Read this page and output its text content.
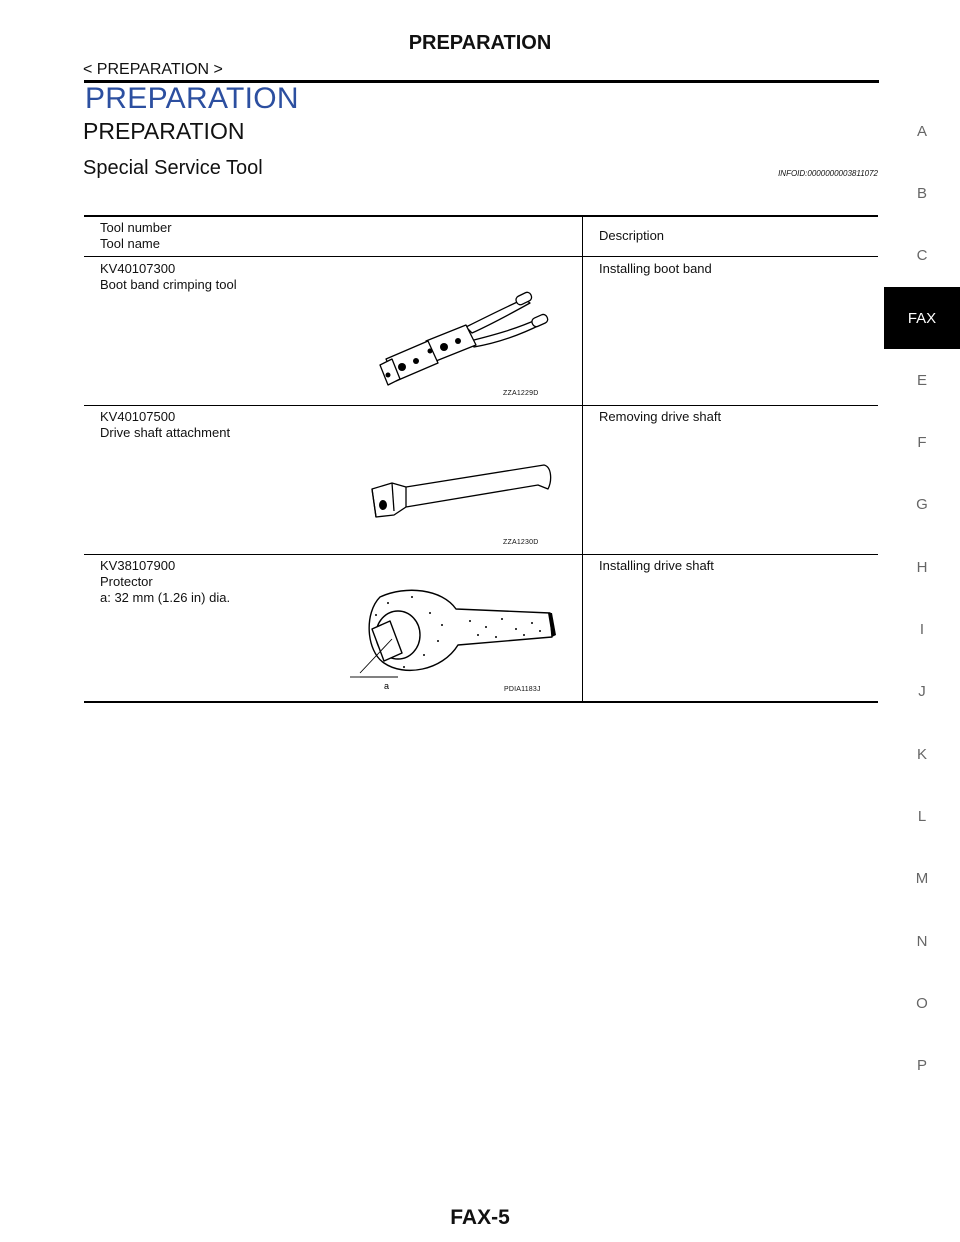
PREPARATION
< PREPARATION >
PREPARATION
PREPARATION
Special Service Tool	INFOID:0000000003811072
Tool number
Tool name
Description
KV40107300
Boot band crimping tool
Installing boot band
ZZA1229D
KV40107500
Drive shaft attachment
Removing drive shaft
ZZA1230D
KV38107900
Protector
a: 32 mm (1.26 in) dia.
Installing drive shaft
a	PDIA1183J
A
B
C
FAX
E
F
G
H
I
J
K
L
M
N
O
P
FAX-5
